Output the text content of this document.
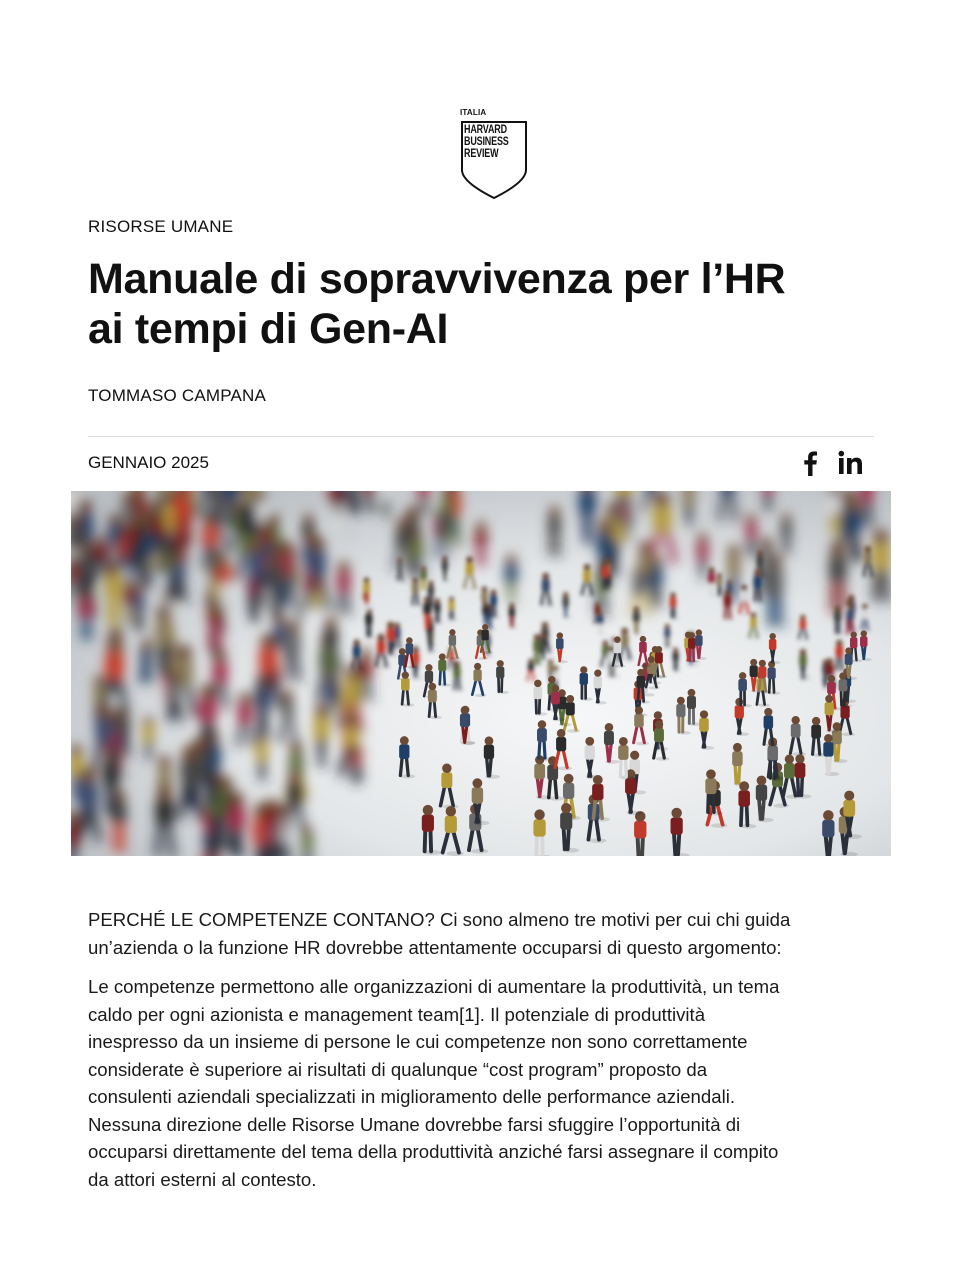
ITALIA
HARVARD
BUSINESS
REVIEW
RISORSE UMANE
Manuale di sopravvivenza per l’HR
ai tempi di Gen-AI
TOMMASO CAMPANA
GENNAIO 2025

PERCHÉ LE COMPETENZE CONTANO? Ci sono almeno tre motivi per cui chi guida
un’azienda o la funzione HR dovrebbe attentamente occuparsi di questo argomento:

Le competenze permettono alle organizzazioni di aumentare la produttività, un tema
caldo per ogni azionista e management team[1]. Il potenziale di produttività
inespresso da un insieme di persone le cui competenze non sono correttamente
considerate è superiore ai risultati di qualunque “cost program” proposto da
consulenti aziendali specializzati in miglioramento delle performance aziendali.
Nessuna direzione delle Risorse Umane dovrebbe farsi sfuggire l’opportunità di
occuparsi direttamente del tema della produttività anziché farsi assegnare il compito
da attori esterni al contesto.
